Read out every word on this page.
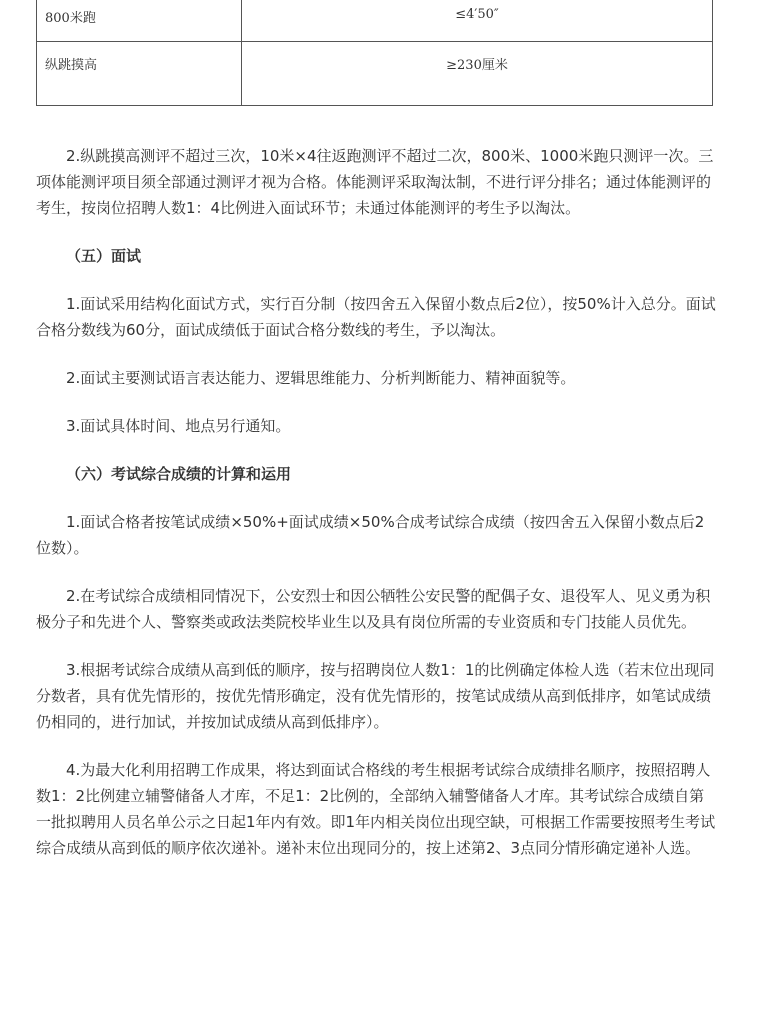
800米跑	≤4′50″
纵跳摸高	≥230厘米

2.纵跳摸高测评不超过三次，10米×4往返跑测评不超过二次，800米、1000米跑只测评一次。三项体能测评项目须全部通过测评才视为合格。体能测评采取淘汰制，不进行评分排名；通过体能测评的考生，按岗位招聘人数1：4比例进入面试环节；未通过体能测评的考生予以淘汰。

（五）面试

1.面试采用结构化面试方式，实行百分制（按四舍五入保留小数点后2位），按50%计入总分。面试合格分数线为60分，面试成绩低于面试合格分数线的考生，予以淘汰。

2.面试主要测试语言表达能力、逻辑思维能力、分析判断能力、精神面貌等。

3.面试具体时间、地点另行通知。

（六）考试综合成绩的计算和运用

1.面试合格者按笔试成绩×50%+面试成绩×50%合成考试综合成绩（按四舍五入保留小数点后2位数）。

2.在考试综合成绩相同情况下，公安烈士和因公牺牲公安民警的配偶子女、退役军人、见义勇为积极分子和先进个人、警察类或政法类院校毕业生以及具有岗位所需的专业资质和专门技能人员优先。

3.根据考试综合成绩从高到低的顺序，按与招聘岗位人数1：1的比例确定体检人选（若末位出现同分数者，具有优先情形的，按优先情形确定，没有优先情形的，按笔试成绩从高到低排序，如笔试成绩仍相同的，进行加试，并按加试成绩从高到低排序）。

4.为最大化利用招聘工作成果，将达到面试合格线的考生根据考试综合成绩排名顺序，按照招聘人数1：2比例建立辅警储备人才库，不足1：2比例的，全部纳入辅警储备人才库。其考试综合成绩自第一批拟聘用人员名单公示之日起1年内有效。即1年内相关岗位出现空缺，可根据工作需要按照考生考试综合成绩从高到低的顺序依次递补。递补末位出现同分的，按上述第2、3点同分情形确定递补人选。
